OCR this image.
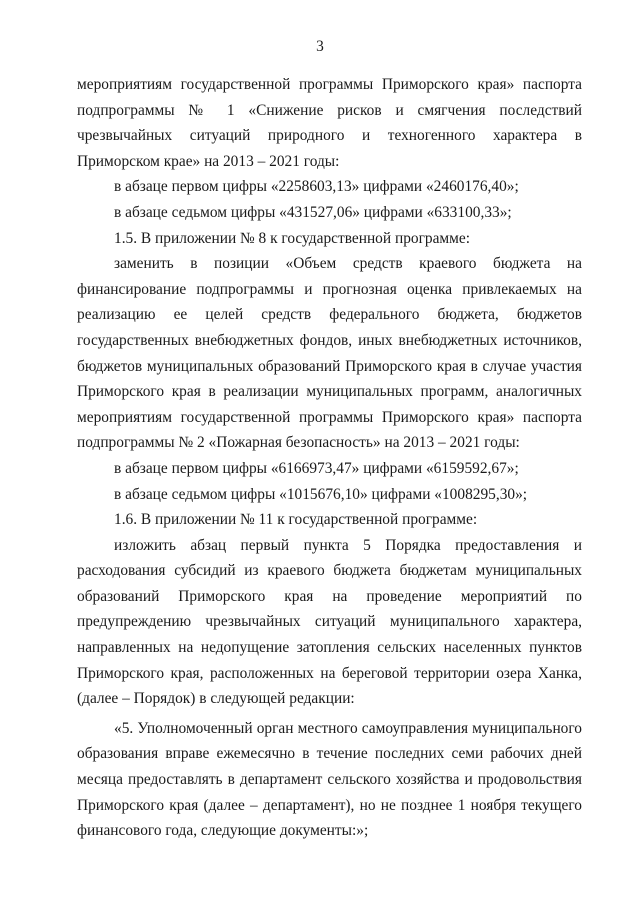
3

мероприятиям государственной программы Приморского края» паспорта подпрограммы № 1 «Снижение рисков и смягчения последствий чрезвычайных ситуаций природного и техногенного характера в Приморском крае» на 2013 – 2021 годы:

в абзаце первом цифры «2258603,13» цифрами «2460176,40»;

в абзаце седьмом цифры «431527,06» цифрами «633100,33»;

1.5. В приложении № 8 к государственной программе:

заменить в позиции «Объем средств краевого бюджета на финансирование подпрограммы и прогнозная оценка привлекаемых на реализацию ее целей средств федерального бюджета, бюджетов государственных внебюджетных фондов, иных внебюджетных источников, бюджетов муниципальных образований Приморского края в случае участия Приморского края в реализации муниципальных программ, аналогичных мероприятиям государственной программы Приморского края» паспорта подпрограммы № 2 «Пожарная безопасность» на 2013 – 2021 годы:

в абзаце первом цифры «6166973,47» цифрами «6159592,67»;

в абзаце седьмом цифры «1015676,10» цифрами «1008295,30»;

1.6. В приложении № 11 к государственной программе:

изложить абзац первый пункта 5 Порядка предоставления и расходования субсидий из краевого бюджета бюджетам муниципальных образований Приморского края на проведение мероприятий по предупреждению чрезвычайных ситуаций муниципального характера, направленных на недопущение затопления сельских населенных пунктов Приморского края, расположенных на береговой территории озера Ханка, (далее – Порядок) в следующей редакции:

«5. Уполномоченный орган местного самоуправления муниципального образования вправе ежемесячно в течение последних семи рабочих дней месяца предоставлять в департамент сельского хозяйства и продовольствия Приморского края (далее – департамент), но не позднее 1 ноября текущего финансового года, следующие документы:»;
